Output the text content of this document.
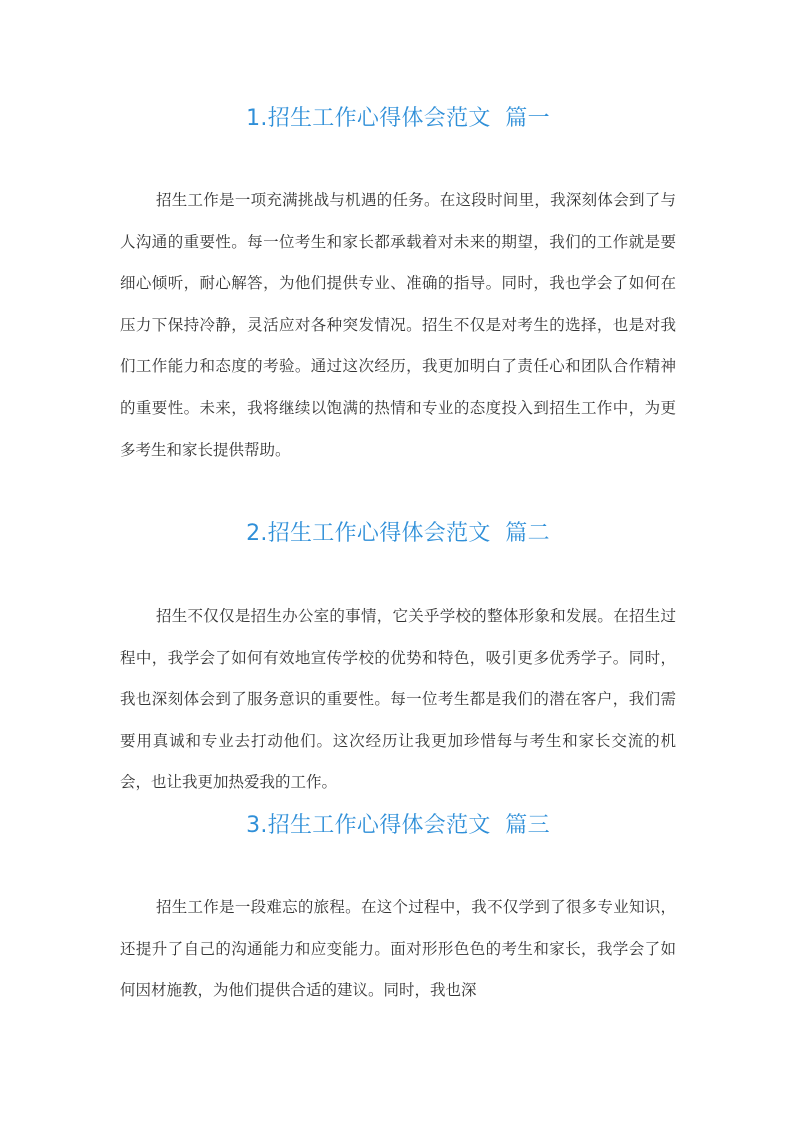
1.招生工作心得体会范文  篇一

招生工作是一项充满挑战与机遇的任务。在这段时间里，我深刻体会到了与人沟通的重要性。每一位考生和家长都承载着对未来的期望，我们的工作就是要细心倾听，耐心解答，为他们提供专业、准确的指导。同时，我也学会了如何在压力下保持冷静，灵活应对各种突发情况。招生不仅是对考生的选择，也是对我们工作能力和态度的考验。通过这次经历，我更加明白了责任心和团队合作精神的重要性。未来，我将继续以饱满的热情和专业的态度投入到招生工作中，为更多考生和家长提供帮助。

2.招生工作心得体会范文  篇二

招生不仅仅是招生办公室的事情，它关乎学校的整体形象和发展。在招生过程中，我学会了如何有效地宣传学校的优势和特色，吸引更多优秀学子。同时，我也深刻体会到了服务意识的重要性。每一位考生都是我们的潜在客户，我们需要用真诚和专业去打动他们。这次经历让我更加珍惜每与考生和家长交流的机会，也让我更加热爱我的工作。

3.招生工作心得体会范文  篇三

招生工作是一段难忘的旅程。在这个过程中，我不仅学到了很多专业知识，还提升了自己的沟通能力和应变能力。面对形形色色的考生和家长，我学会了如何因材施教，为他们提供合适的建议。同时，我也深
